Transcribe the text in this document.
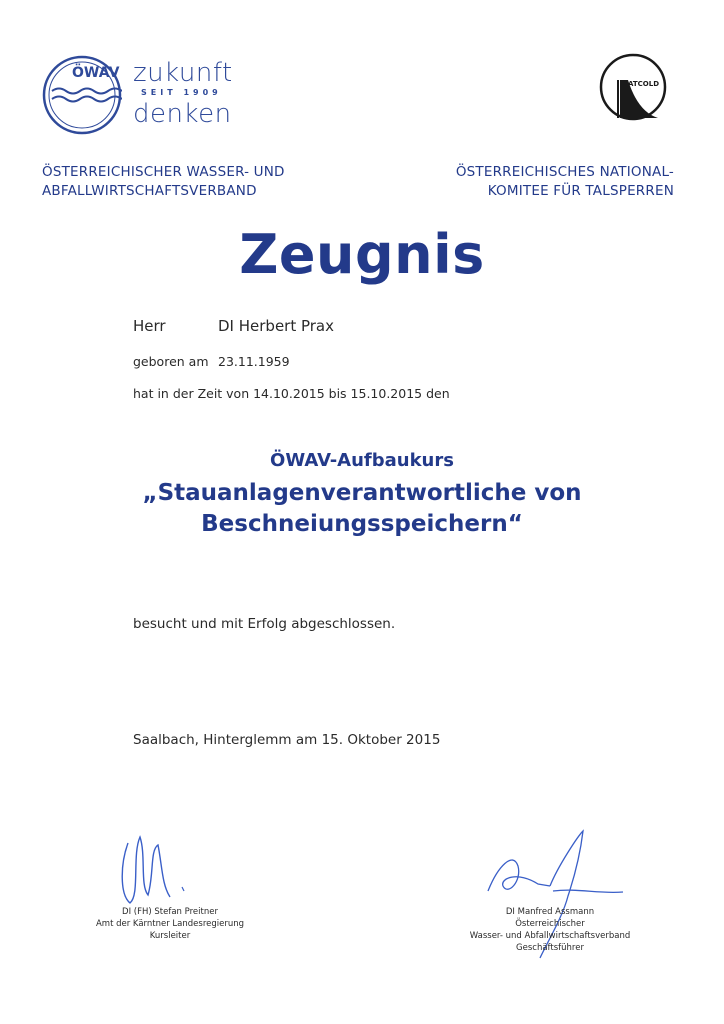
ÖWAV zukunft
SEIT 1909
denken
ATCOLD
ÖSTERREICHISCHER WASSER- UND
ABFALLWIRTSCHAFTSVERBAND
ÖSTERREICHISCHES NATIONAL-
KOMITEE FÜR TALSPERREN
Zeugnis
Herr	DI Herbert Prax
geboren am 23.11.1959
hat in der Zeit von 14.10.2015 bis 15.10.2015 den
ÖWAV-Aufbaukurs
„Stauanlagenverantwortliche von
Beschneiungsspeichern“
besucht und mit Erfolg abgeschlossen.
Saalbach, Hinterglemm am 15. Oktober 2015
DI (FH) Stefan Preitner
Amt der Kärntner Landesregierung
Kursleiter
DI Manfred Assmann
Österreichischer
Wasser- und Abfallwirtschaftsverband
Geschäftsführer
